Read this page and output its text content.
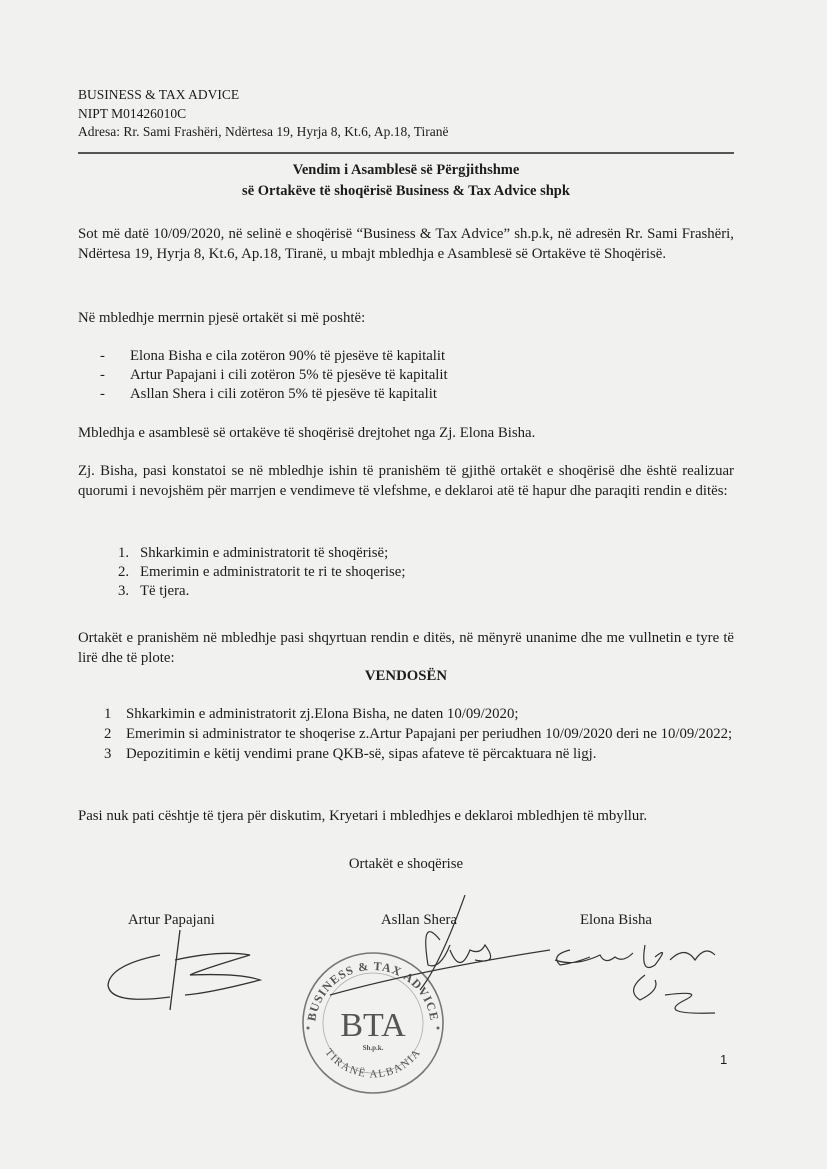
BUSINESS & TAX ADVICE
NIPT M01426010C
Adresa: Rr. Sami Frashëri, Ndërtesa 19, Hyrja 8, Kt.6, Ap.18, Tiranë
Vendim i Asamblesë së Përgjithshme
së Ortakëve të shoqërisë Business & Tax Advice shpk
Sot më datë 10/09/2020, në selinë e shoqërisë “Business & Tax Advice” sh.p.k, në adresën Rr. Sami Frashëri, Ndërtesa 19, Hyrja 8, Kt.6, Ap.18, Tiranë, u mbajt mbledhja e Asamblesë së Ortakëve të Shoqërisë.
Në mbledhje merrnin pjesë ortakët si më poshtë:
- Elona Bisha e cila zotëron 90% të pjesëve të kapitalit
- Artur Papajani i cili zotëron 5% të pjesëve të kapitalit
- Asllan Shera i cili zotëron 5% të pjesëve të kapitalit
Mbledhja e asamblesë së ortakëve të shoqërisë drejtohet nga Zj. Elona Bisha.
Zj. Bisha, pasi konstatoi se në mbledhje ishin të pranishëm të gjithë ortakët e shoqërisë dhe është realizuar quorumi i nevojshëm për marrjen e vendimeve të vlefshme, e deklaroi atë të hapur dhe paraqiti rendin e ditës:
1. Shkarkimin e administratorit të shoqërisë;
2. Emerimin e administratorit te ri te shoqerise;
3. Të tjera.
Ortakët e pranishëm në mbledhje pasi shqyrtuan rendin e ditës, në mënyrë unanime dhe me vullnetin e tyre të lirë dhe të plote:
VENDOSËN
1 Shkarkimin e administratorit zj.Elona Bisha, ne daten 10/09/2020;
2 Emerimin si administrator te shoqerise z.Artur Papajani per periudhen 10/09/2020 deri ne 10/09/2022;
3 Depozitimin e këtij vendimi prane QKB-së, sipas afateve të përcaktuara në ligj.
Pasi nuk pati cështje të tjera për diskutim, Kryetari i mbledhjes e deklaroi mbledhjen të mbyllur.
Ortakët e shoqërise
Artur Papajani	Asllan Shera	Elona Bisha
BUSINESS & TAX ADVICE
TIRANË ALBANIA
BTA
Sh.p.k.
1
